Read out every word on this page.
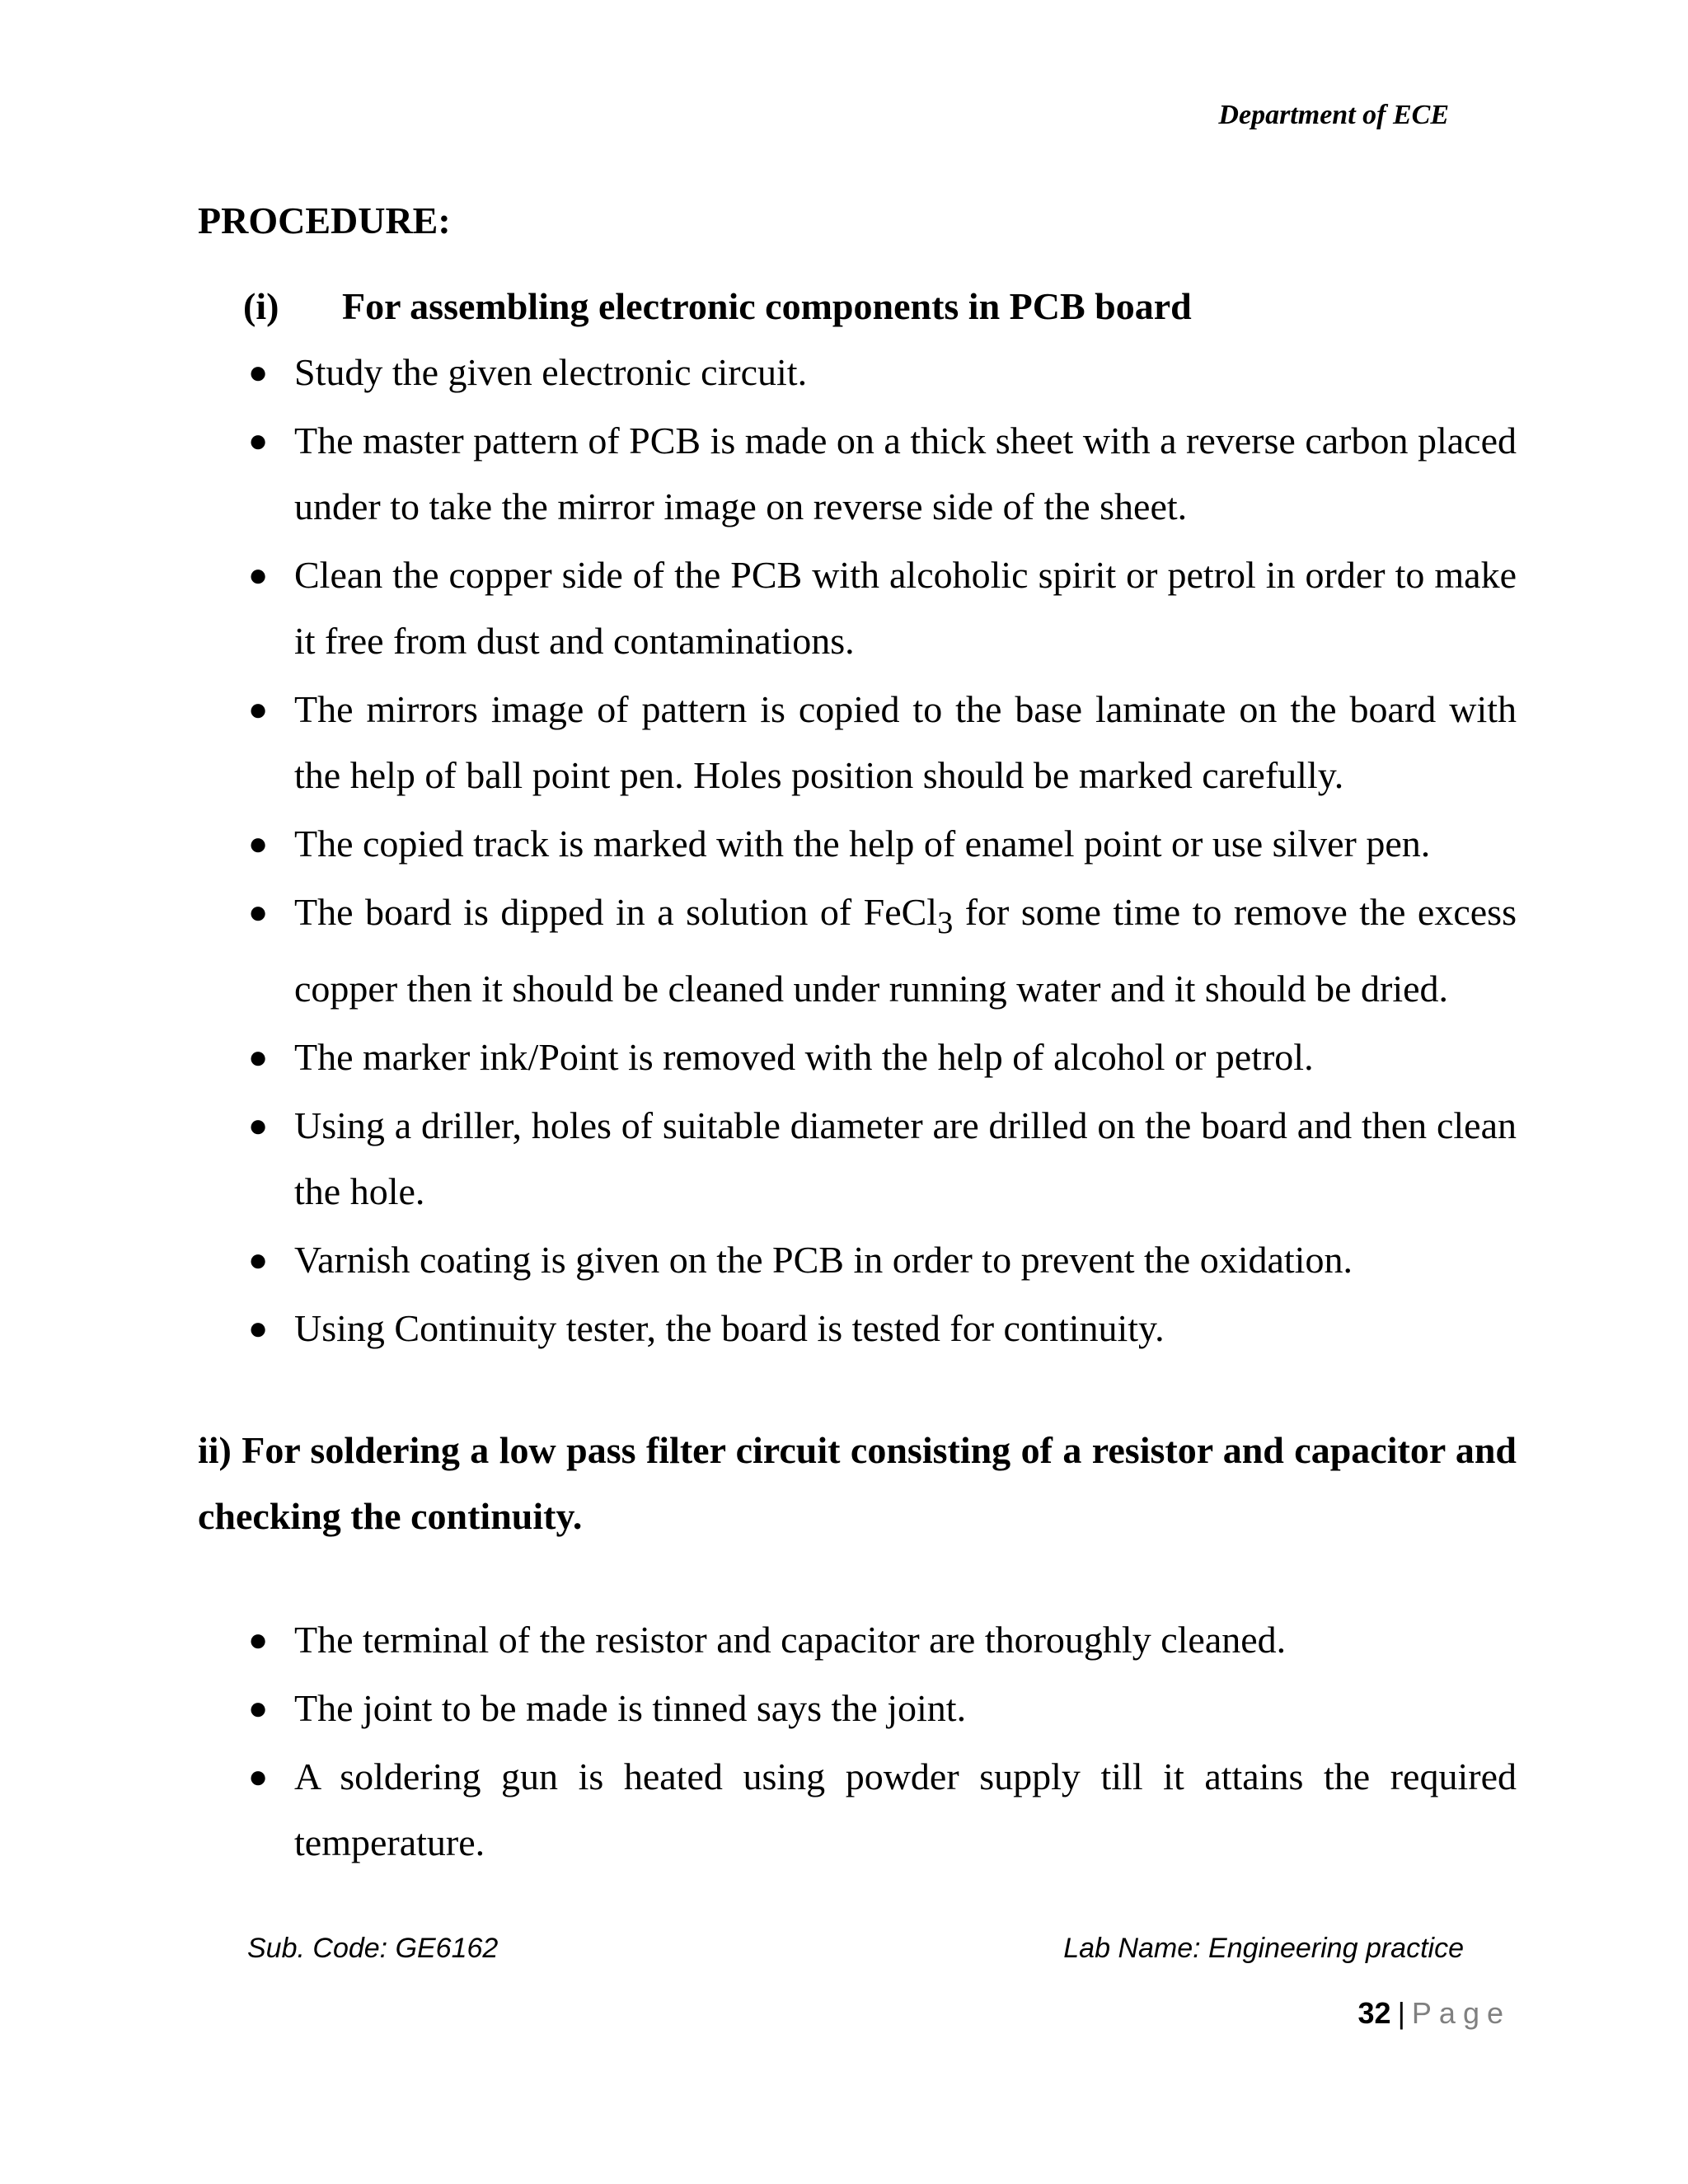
Department of ECE
PROCEDURE:
(i) For assembling electronic components in PCB board
● Study the given electronic circuit.
● The master pattern of PCB is made on a thick sheet with a reverse carbon placed under to take the mirror image on reverse side of the sheet.
● Clean the copper side of the PCB with alcoholic spirit or petrol in order to make it free from dust and contaminations.
● The mirrors image of pattern is copied to the base laminate on the board with the help of ball point pen. Holes position should be marked carefully.
● The copied track is marked with the help of enamel point or use silver pen.
● The board is dipped in a solution of FeCl$_3$ for some time to remove the excess copper then it should be cleaned under running water and it should be dried.
● The marker ink/Point is removed with the help of alcohol or petrol.
● Using a driller, holes of suitable diameter are drilled on the board and then clean the hole.
● Varnish coating is given on the PCB in order to prevent the oxidation.
● Using Continuity tester, the board is tested for continuity.
ii) For soldering a low pass filter circuit consisting of a resistor and capacitor and checking the continuity.
● The terminal of the resistor and capacitor are thoroughly cleaned.
● The joint to be made is tinned says the joint.
● A soldering gun is heated using powder supply till it attains the required temperature.
Sub. Code: GE6162	Lab Name: Engineering practice
32 | Page
